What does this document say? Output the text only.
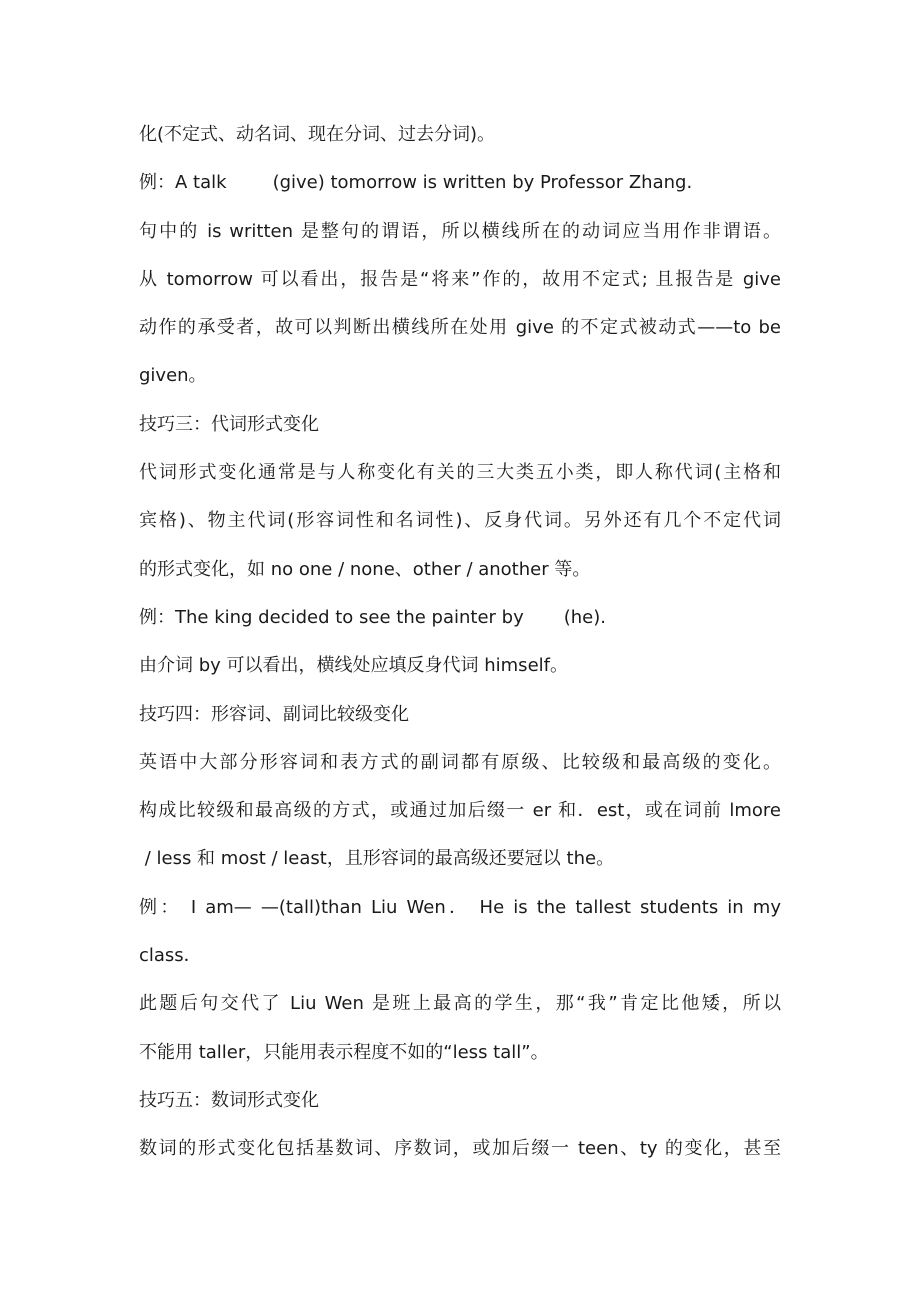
化(不定式、动名词、现在分词、过去分词)。
例：A talk	(give) tomorrow is written by Professor Zhang.
句中的 is written 是整句的谓语，所以横线所在的动词应当用作非谓语。
从 tomorrow 可以看出，报告是“将来”作的，故用不定式; 且报告是 give
动作的承受者，故可以判断出横线所在处用 give 的不定式被动式——to be
given。
技巧三：代词形式变化
代词形式变化通常是与人称变化有关的三大类五小类，即人称代词(主格和
宾格)、物主代词(形容词性和名词性)、反身代词。另外还有几个不定代词
的形式变化，如 no one / none、other / another 等。
例：The king decided to see the painter by (he).
由介词 by 可以看出，横线处应填反身代词 himself。
技巧四：形容词、副词比较级变化
英语中大部分形容词和表方式的副词都有原级、比较级和最高级的变化。
构成比较级和最高级的方式，或通过加后缀一 er 和．est，或在词前 lmore
/ less 和 most / least，且形容词的最高级还要冠以 the。
例： I am— —(tall)than Liu Wen． He is the tallest students in my
class．
此题后句交代了 Liu Wen 是班上最高的学生，那“我”肯定比他矮，所以
不能用 taller，只能用表示程度不如的“less tall”。
技巧五：数词形式变化
数词的形式变化包括基数词、序数词，或加后缀一 teen、ty 的变化，甚至
